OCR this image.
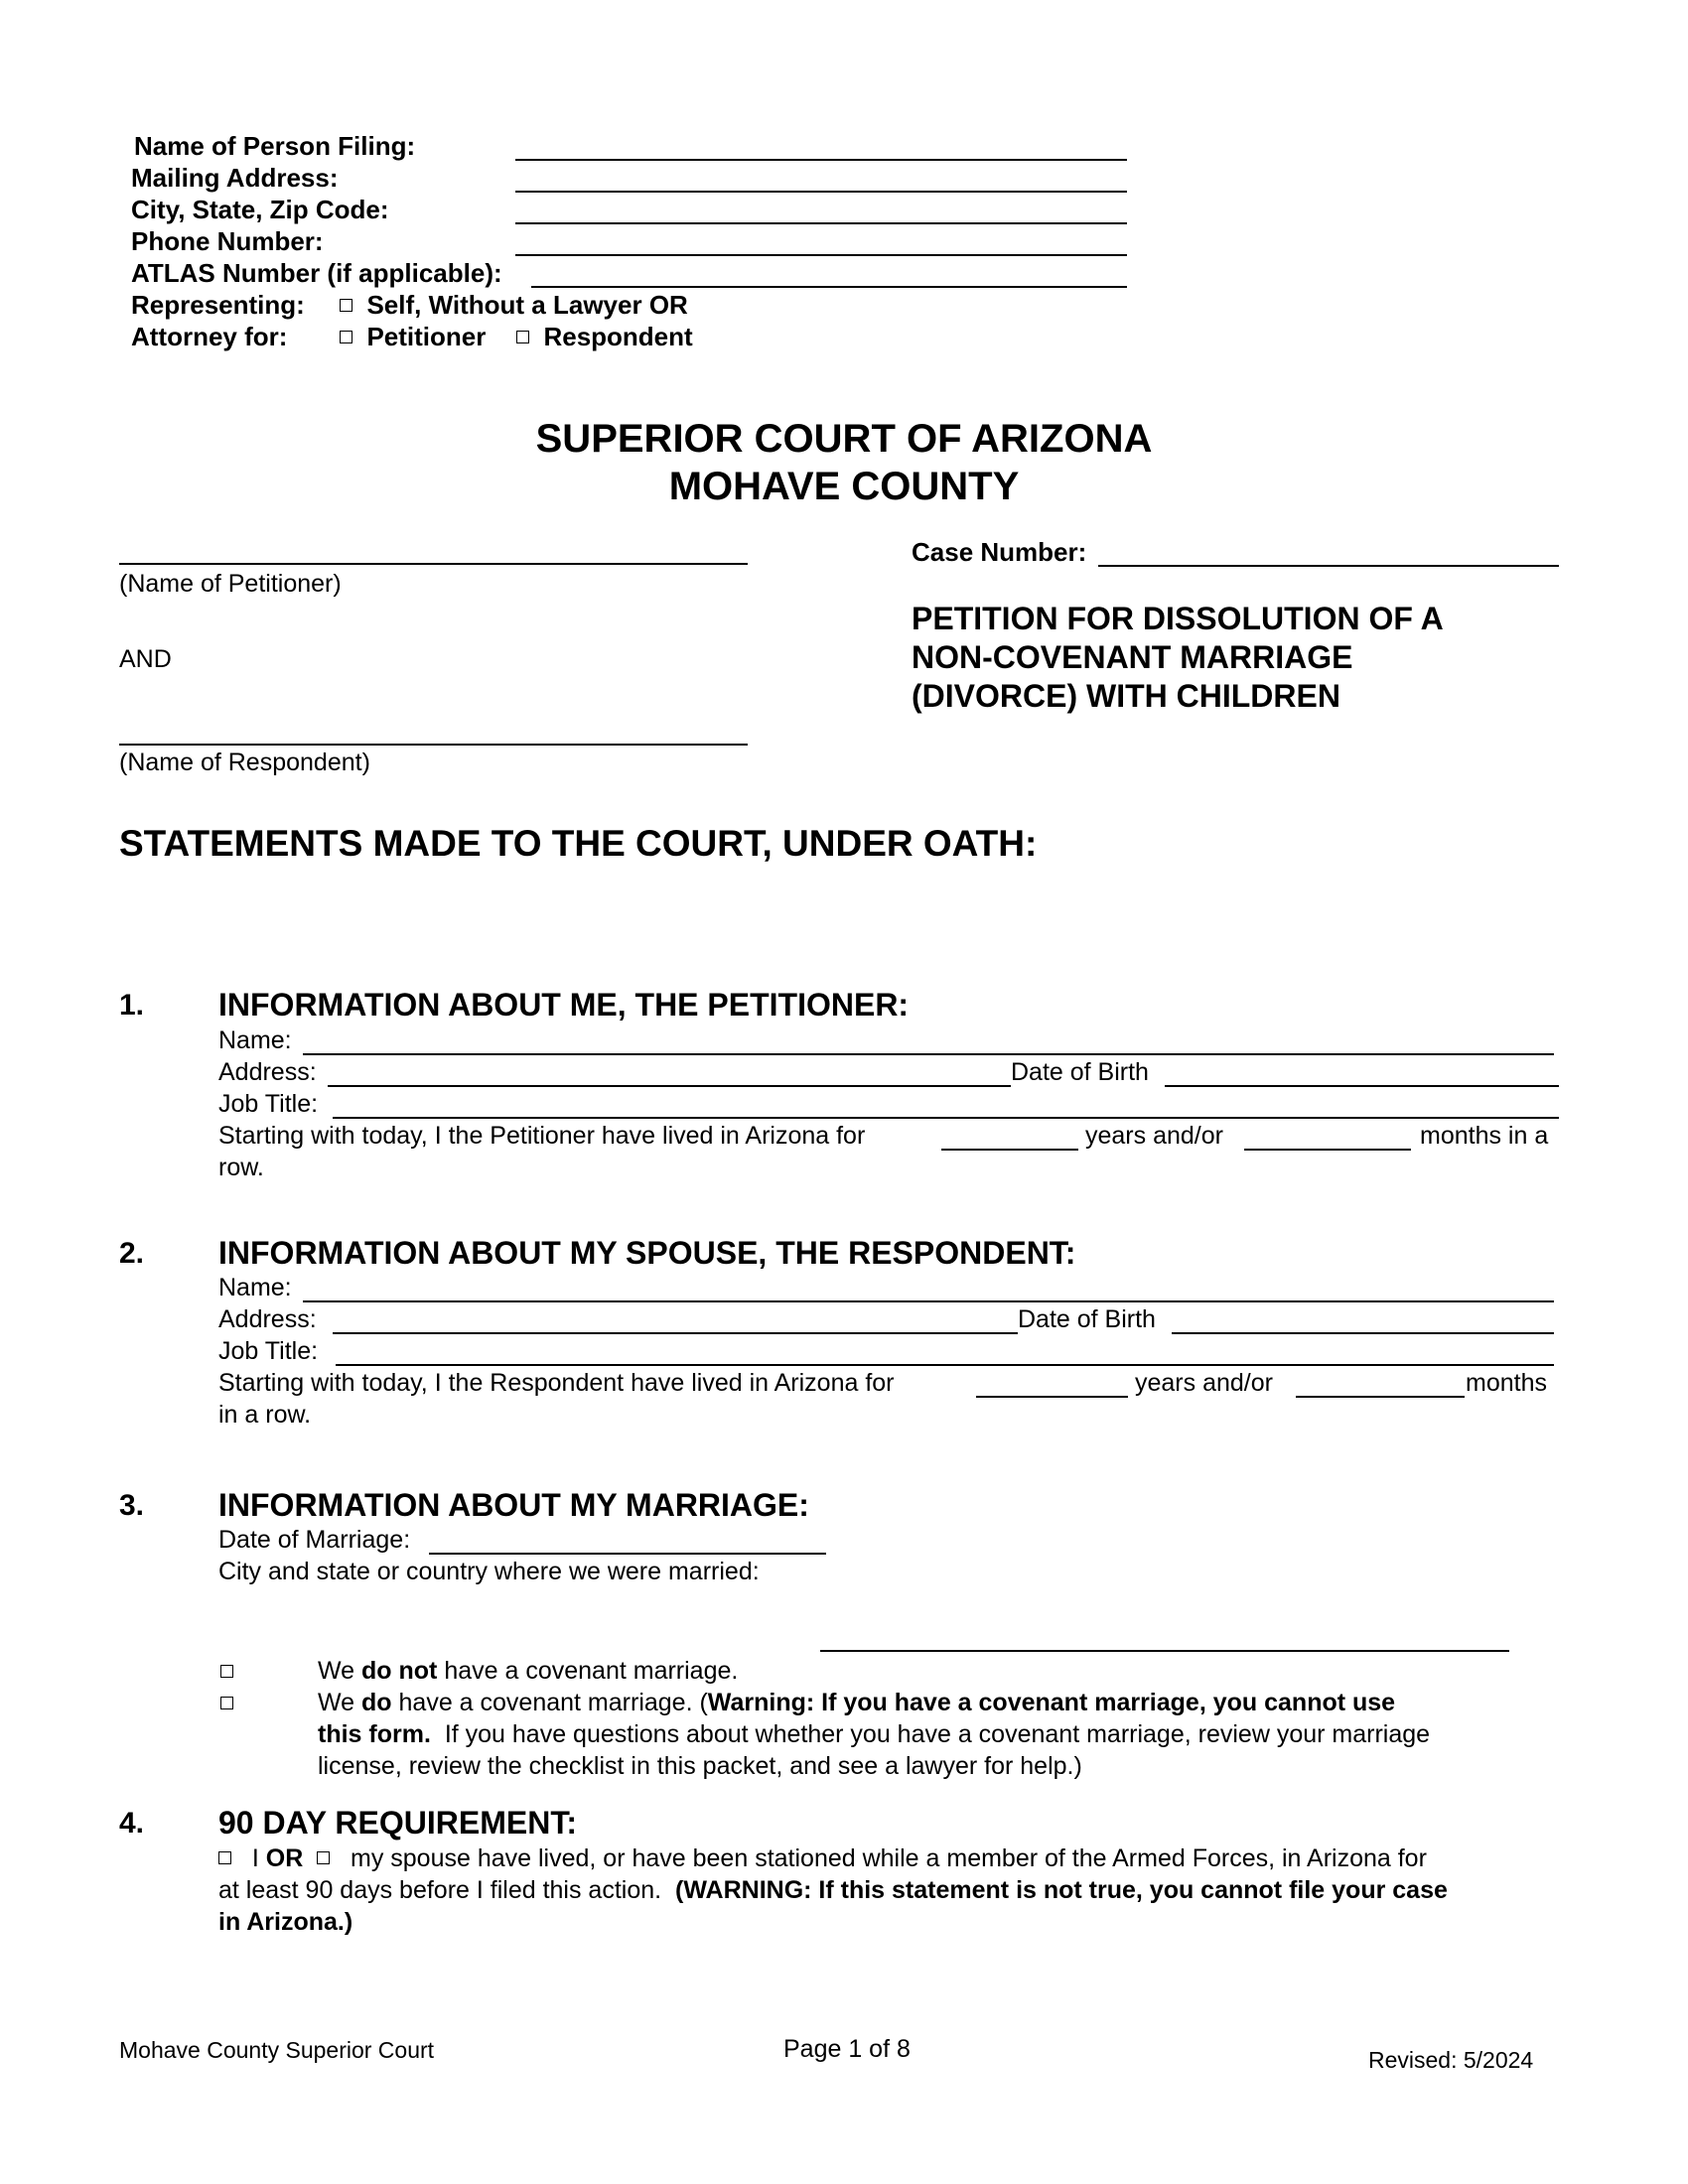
Name of Person Filing:
Mailing Address:
City, State, Zip Code:
Phone Number:
ATLAS Number (if applicable):
Representing:	Self, Without a Lawyer OR
Attorney for:	Petitioner	Respondent
SUPERIOR COURT OF ARIZONA
MOHAVE COUNTY
(Name of Petitioner)
AND
(Name of Respondent)
Case Number:
PETITION FOR DISSOLUTION OF A
NON-COVENANT MARRIAGE
(DIVORCE) WITH CHILDREN
STATEMENTS MADE TO THE COURT, UNDER OATH:
1. INFORMATION ABOUT ME, THE PETITIONER:
Name:
Address:	Date of Birth
Job Title:
Starting with today, I the Petitioner have lived in Arizona for	years and/or	months in a
row.
2. INFORMATION ABOUT MY SPOUSE, THE RESPONDENT:
Name:
Address:	Date of Birth
Job Title:
Starting with today, I the Respondent have lived in Arizona for	years and/or	months
in a row.
3. INFORMATION ABOUT MY MARRIAGE:
Date of Marriage:
City and state or country where we were married:
We do not have a covenant marriage.
We do have a covenant marriage. (Warning: If you have a covenant marriage, you cannot use
this form. If you have questions about whether you have a covenant marriage, review your marriage
license, review the checklist in this packet, and see a lawyer for help.)
4. 90 DAY REQUIREMENT:
I OR my spouse have lived, or have been stationed while a member of the Armed Forces, in Arizona for
at least 90 days before I filed this action. (WARNING: If this statement is not true, you cannot file your case
in Arizona.)
Mohave County Superior Court	Page 1 of 8	Revised: 5/2024
